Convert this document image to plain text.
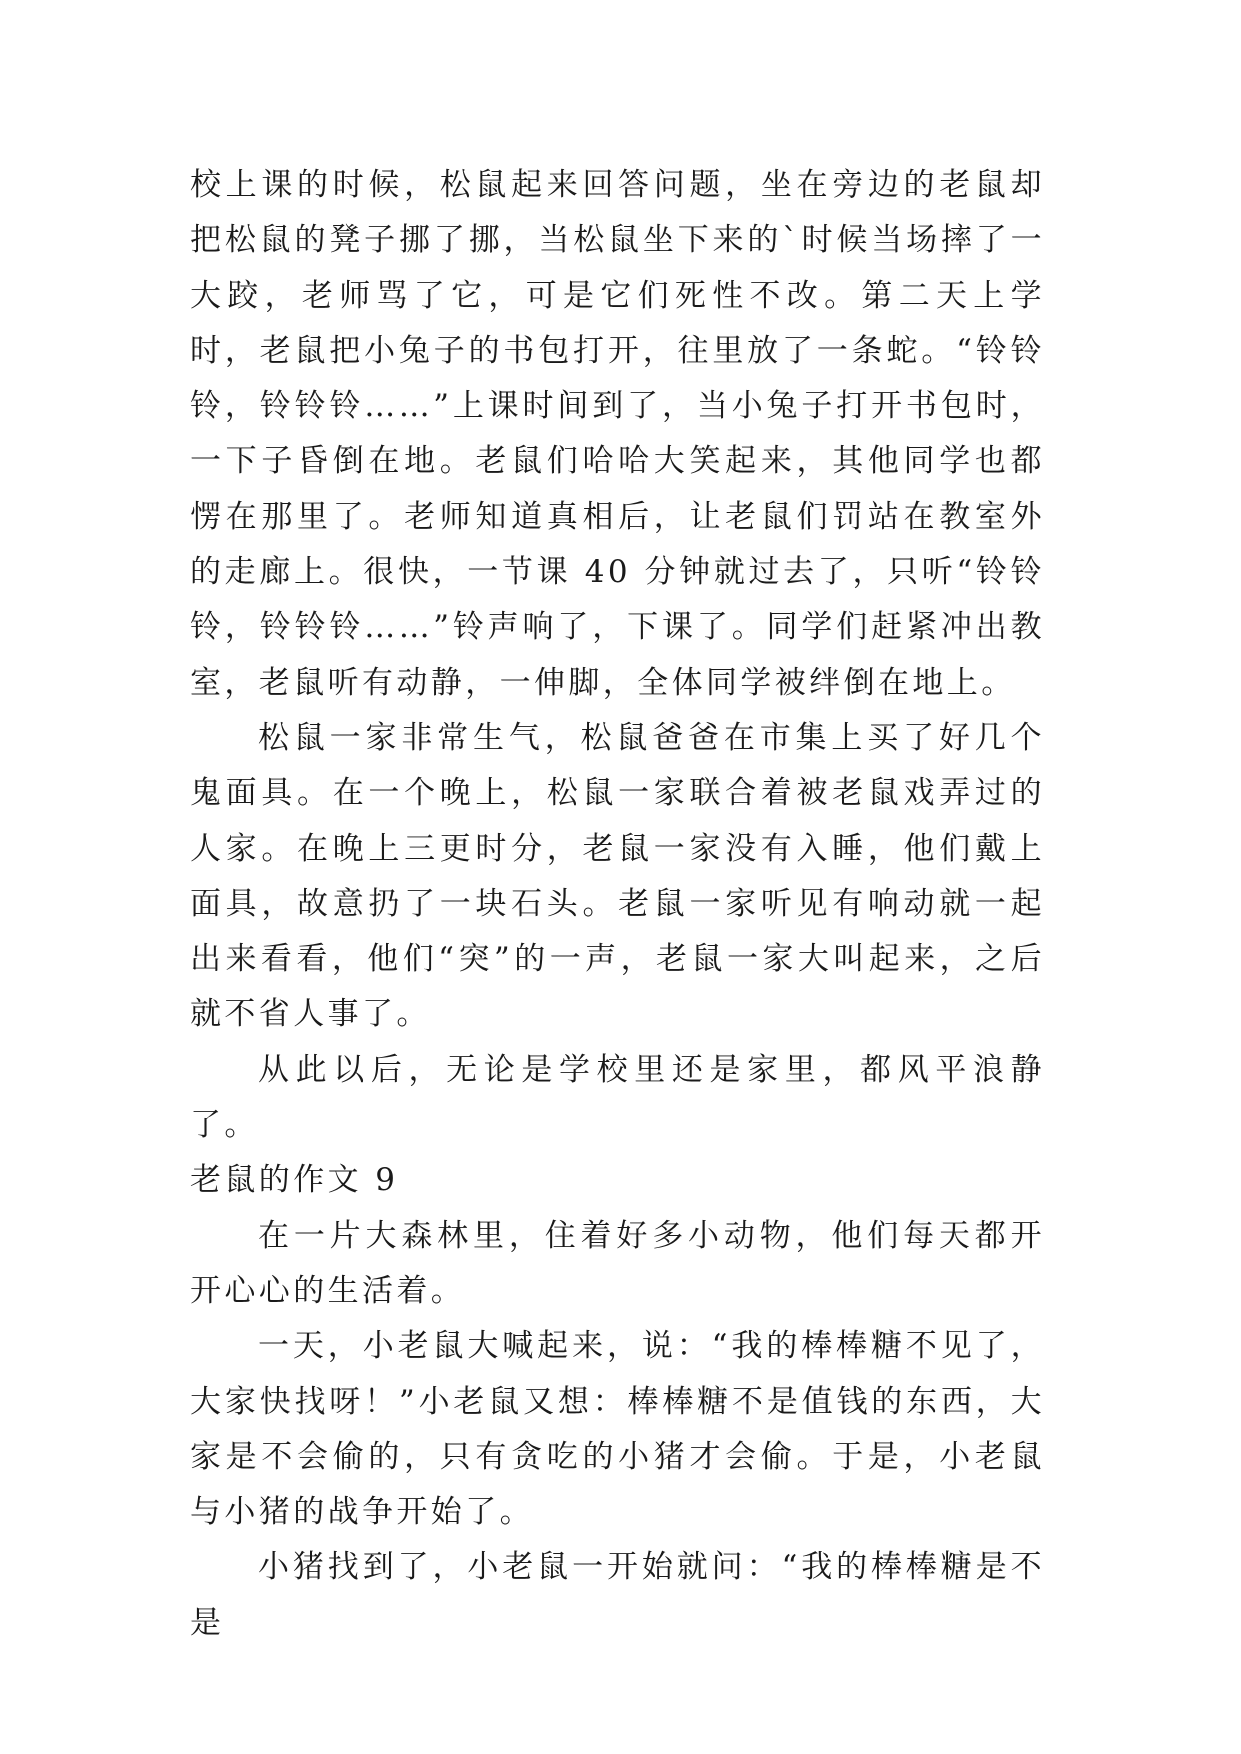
校上课的时候，松鼠起来回答问题，坐在旁边的老鼠却把松鼠的凳子挪了挪，当松鼠坐下来的`时候当场摔了一大跤，老师骂了它，可是它们死性不改。第二天上学时，老鼠把小兔子的书包打开，往里放了一条蛇。“铃铃铃，铃铃铃……”上课时间到了，当小兔子打开书包时，一下子昏倒在地。老鼠们哈哈大笑起来，其他同学也都愣在那里了。老师知道真相后，让老鼠们罚站在教室外的走廊上。很快，一节课 40 分钟就过去了，只听“铃铃铃，铃铃铃……”铃声响了，下课了。同学们赶紧冲出教室，老鼠听有动静，一伸脚，全体同学被绊倒在地上。

松鼠一家非常生气，松鼠爸爸在市集上买了好几个鬼面具。在一个晚上，松鼠一家联合着被老鼠戏弄过的人家。在晚上三更时分，老鼠一家没有入睡，他们戴上面具，故意扔了一块石头。老鼠一家听见有响动就一起出来看看，他们“突”的一声，老鼠一家大叫起来，之后就不省人事了。

从此以后，无论是学校里还是家里，都风平浪静了。

老鼠的作文 9

在一片大森林里，住着好多小动物，他们每天都开开心心的生活着。

一天，小老鼠大喊起来，说：“我的棒棒糖不见了，大家快找呀！”小老鼠又想：棒棒糖不是值钱的东西，大家是不会偷的，只有贪吃的小猪才会偷。于是，小老鼠与小猪的战争开始了。

小猪找到了，小老鼠一开始就问：“我的棒棒糖是不是
